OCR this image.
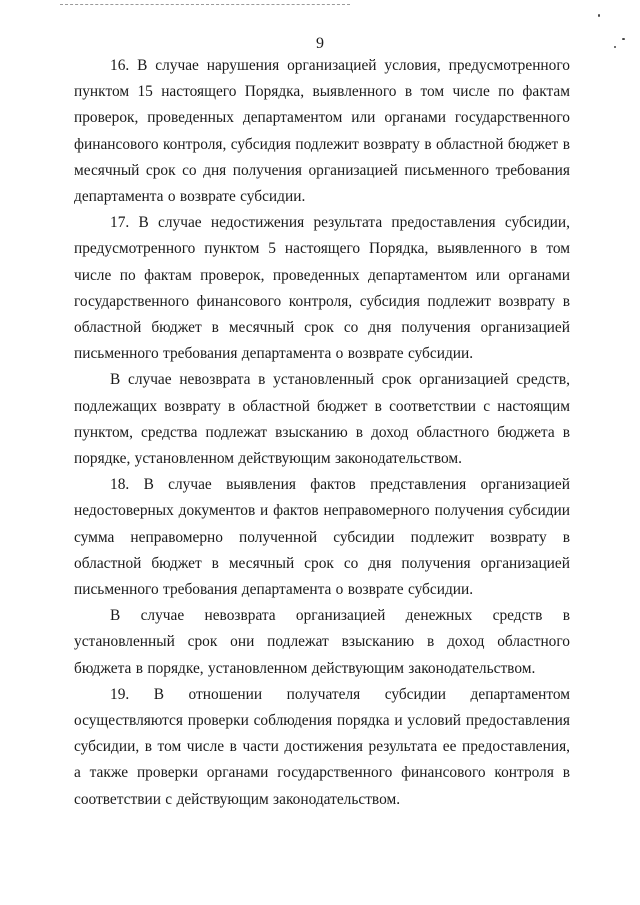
9

16. В случае нарушения организацией условия, предусмотренного пунктом 15 настоящего Порядка, выявленного в том числе по фактам проверок, проведенных департаментом или органами государственного финансового контроля, субсидия подлежит возврату в областной бюджет в месячный срок со дня получения организацией письменного требования департамента о возврате субсидии.

17. В случае недостижения результата предоставления субсидии, предусмотренного пунктом 5 настоящего Порядка, выявленного в том числе по фактам проверок, проведенных департаментом или органами государственного финансового контроля, субсидия подлежит возврату в областной бюджет в месячный срок со дня получения организацией письменного требования департамента о возврате субсидии.

В случае невозврата в установленный срок организацией средств, подлежащих возврату в областной бюджет в соответствии с настоящим пунктом, средства подлежат взысканию в доход областного бюджета в порядке, установленном действующим законодательством.

18. В случае выявления фактов представления организацией недостоверных документов и фактов неправомерного получения субсидии сумма неправомерно полученной субсидии подлежит возврату в областной бюджет в месячный срок со дня получения организацией письменного требования департамента о возврате субсидии.

В случае невозврата организацией денежных средств в установленный срок они подлежат взысканию в доход областного бюджета в порядке, установленном действующим законодательством.

19. В отношении получателя субсидии департаментом осуществляются проверки соблюдения порядка и условий предоставления субсидии, в том числе в части достижения результата ее предоставления, а также проверки органами государственного финансового контроля в соответствии с действующим законодательством.
